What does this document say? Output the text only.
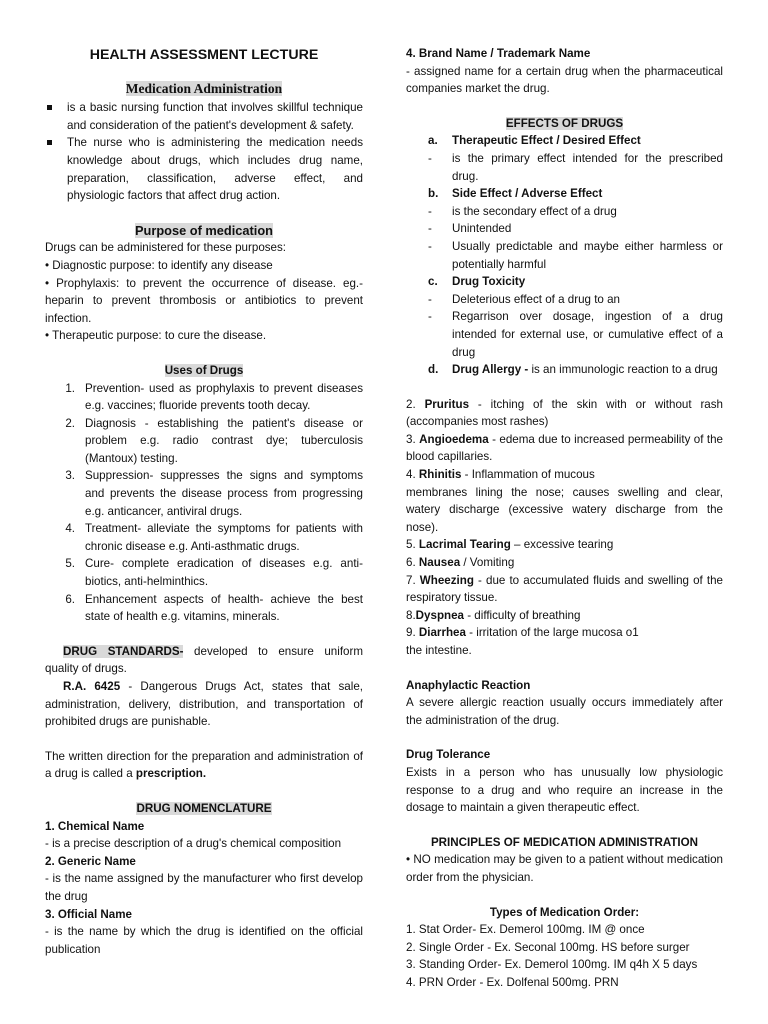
HEALTH ASSESSMENT LECTURE
Medication Administration
is a basic nursing function that involves skillful technique and consideration of the patient's development & safety.
The nurse who is administering the medication needs knowledge about drugs, which includes drug name, preparation, classification, adverse effect, and physiologic factors that affect drug action.
Purpose of medication
Drugs can be administered for these purposes:
• Diagnostic purpose: to identify any disease
• Prophylaxis: to prevent the occurrence of disease. eg.- heparin to prevent thrombosis or antibiotics to prevent infection.
• Therapeutic purpose: to cure the disease.
Uses of Drugs
1. Prevention- used as prophylaxis to prevent diseases e.g. vaccines; fluoride prevents tooth decay.
2. Diagnosis - establishing the patient's disease or problem e.g. radio contrast dye; tuberculosis (Mantoux) testing.
3. Suppression- suppresses the signs and symptoms and prevents the disease process from progressing e.g. anticancer, antiviral drugs.
4. Treatment- alleviate the symptoms for patients with chronic disease e.g. Anti-asthmatic drugs.
5. Cure- complete eradication of diseases e.g. anti-biotics, anti-helminthics.
6. Enhancement aspects of health- achieve the best state of health e.g. vitamins, minerals.
DRUG STANDARDS- developed to ensure uniform quality of drugs.
R.A. 6425 - Dangerous Drugs Act, states that sale, administration, delivery, distribution, and transportation of prohibited drugs are punishable.
The written direction for the preparation and administration of a drug is called a prescription.
DRUG NOMENCLATURE
1. Chemical Name
- is a precise description of a drug's chemical composition
2. Generic Name
- is the name assigned by the manufacturer who first develop the drug
3. Official Name
- is the name by which the drug is identified on the official publication
4. Brand Name / Trademark Name
- assigned name for a certain drug when the pharmaceutical companies market the drug.
EFFECTS OF DRUGS
a.	Therapeutic Effect / Desired Effect
-	is the primary effect intended for the prescribed drug.
b.	Side Effect / Adverse Effect
-	is the secondary effect of a drug
-	Unintended
-	Usually predictable and maybe either harmless or potentially harmful
c.	Drug Toxicity
-	Deleterious effect of a drug to an
-	Regarrison over dosage, ingestion of a drug intended for external use, or cumulative effect of a drug
d.	Drug Allergy - is an immunologic reaction to a drug
2. Pruritus - itching of the skin with or without rash (accompanies most rashes)
3. Angioedema - edema due to increased permeability of the blood capillaries.
4. Rhinitis - Inflammation of mucous
membranes lining the nose; causes swelling and clear, watery discharge (excessive watery discharge from the nose).
5. Lacrimal Tearing – excessive tearing
6. Nausea / Vomiting
7. Wheezing - due to accumulated fluids and swelling of the respiratory tissue.
8.Dyspnea - difficulty of breathing
9. Diarrhea - irritation of the large mucosa o1
the intestine.
Anaphylactic Reaction
A severe allergic reaction usually occurs immediately after the administration of the drug.
Drug Tolerance
Exists in a person who has unusually low physiologic response to a drug and who require an increase in the dosage to maintain a given therapeutic effect.
PRINCIPLES OF MEDICATION ADMINISTRATION
• NO medication may be given to a patient without medication order from the physician.
Types of Medication Order:
1. Stat Order- Ex. Demerol 100mg. IM @ once
2. Single Order - Ex. Seconal 100mg. HS before surger
3. Standing Order- Ex. Demerol 100mg. IM q4h X 5 days
4. PRN Order - Ex. Dolfenal 500mg. PRN
